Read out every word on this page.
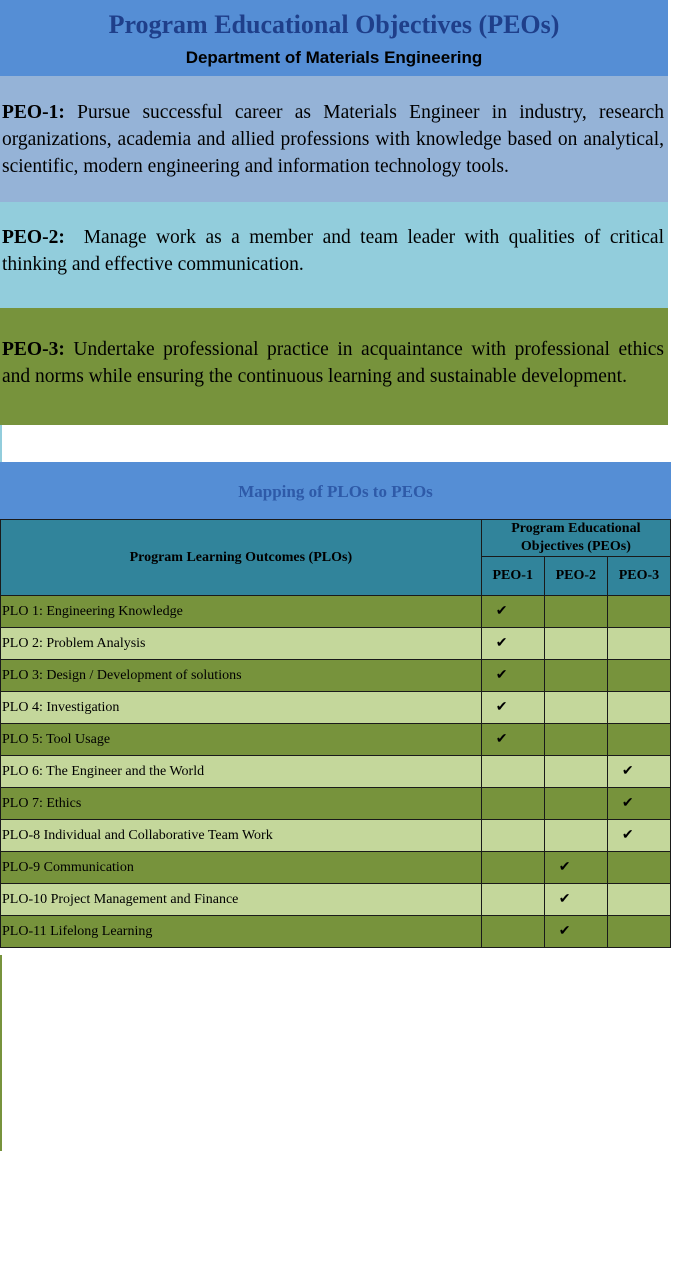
Program Educational Objectives (PEOs)
Department of Materials Engineering
PEO-1: Pursue successful career as Materials Engineer in industry, research organizations, academia and allied professions with knowledge based on analytical, scientific, modern engineering and information technology tools.
PEO-2:  Manage work as a member and team leader with qualities of critical thinking and effective communication.
PEO-3: Undertake professional practice in acquaintance with professional ethics and norms while ensuring the continuous learning and sustainable development.
Mapping of PLOs to PEOs
Program Learning Outcomes (PLOs)	Program Educational Objectives (PEOs)		
	PEO-1	PEO-2	PEO-3
PLO 1: Engineering Knowledge	✔		
PLO 2: Problem Analysis	✔		
PLO 3: Design / Development of solutions	✔		
PLO 4: Investigation	✔		
PLO 5: Tool Usage	✔		
PLO 6: The Engineer and the World			✔
PLO 7: Ethics			✔
PLO-8 Individual and Collaborative Team Work			✔
PLO-9 Communication		✔	
PLO-10 Project Management and Finance		✔	
PLO-11 Lifelong Learning		✔	
